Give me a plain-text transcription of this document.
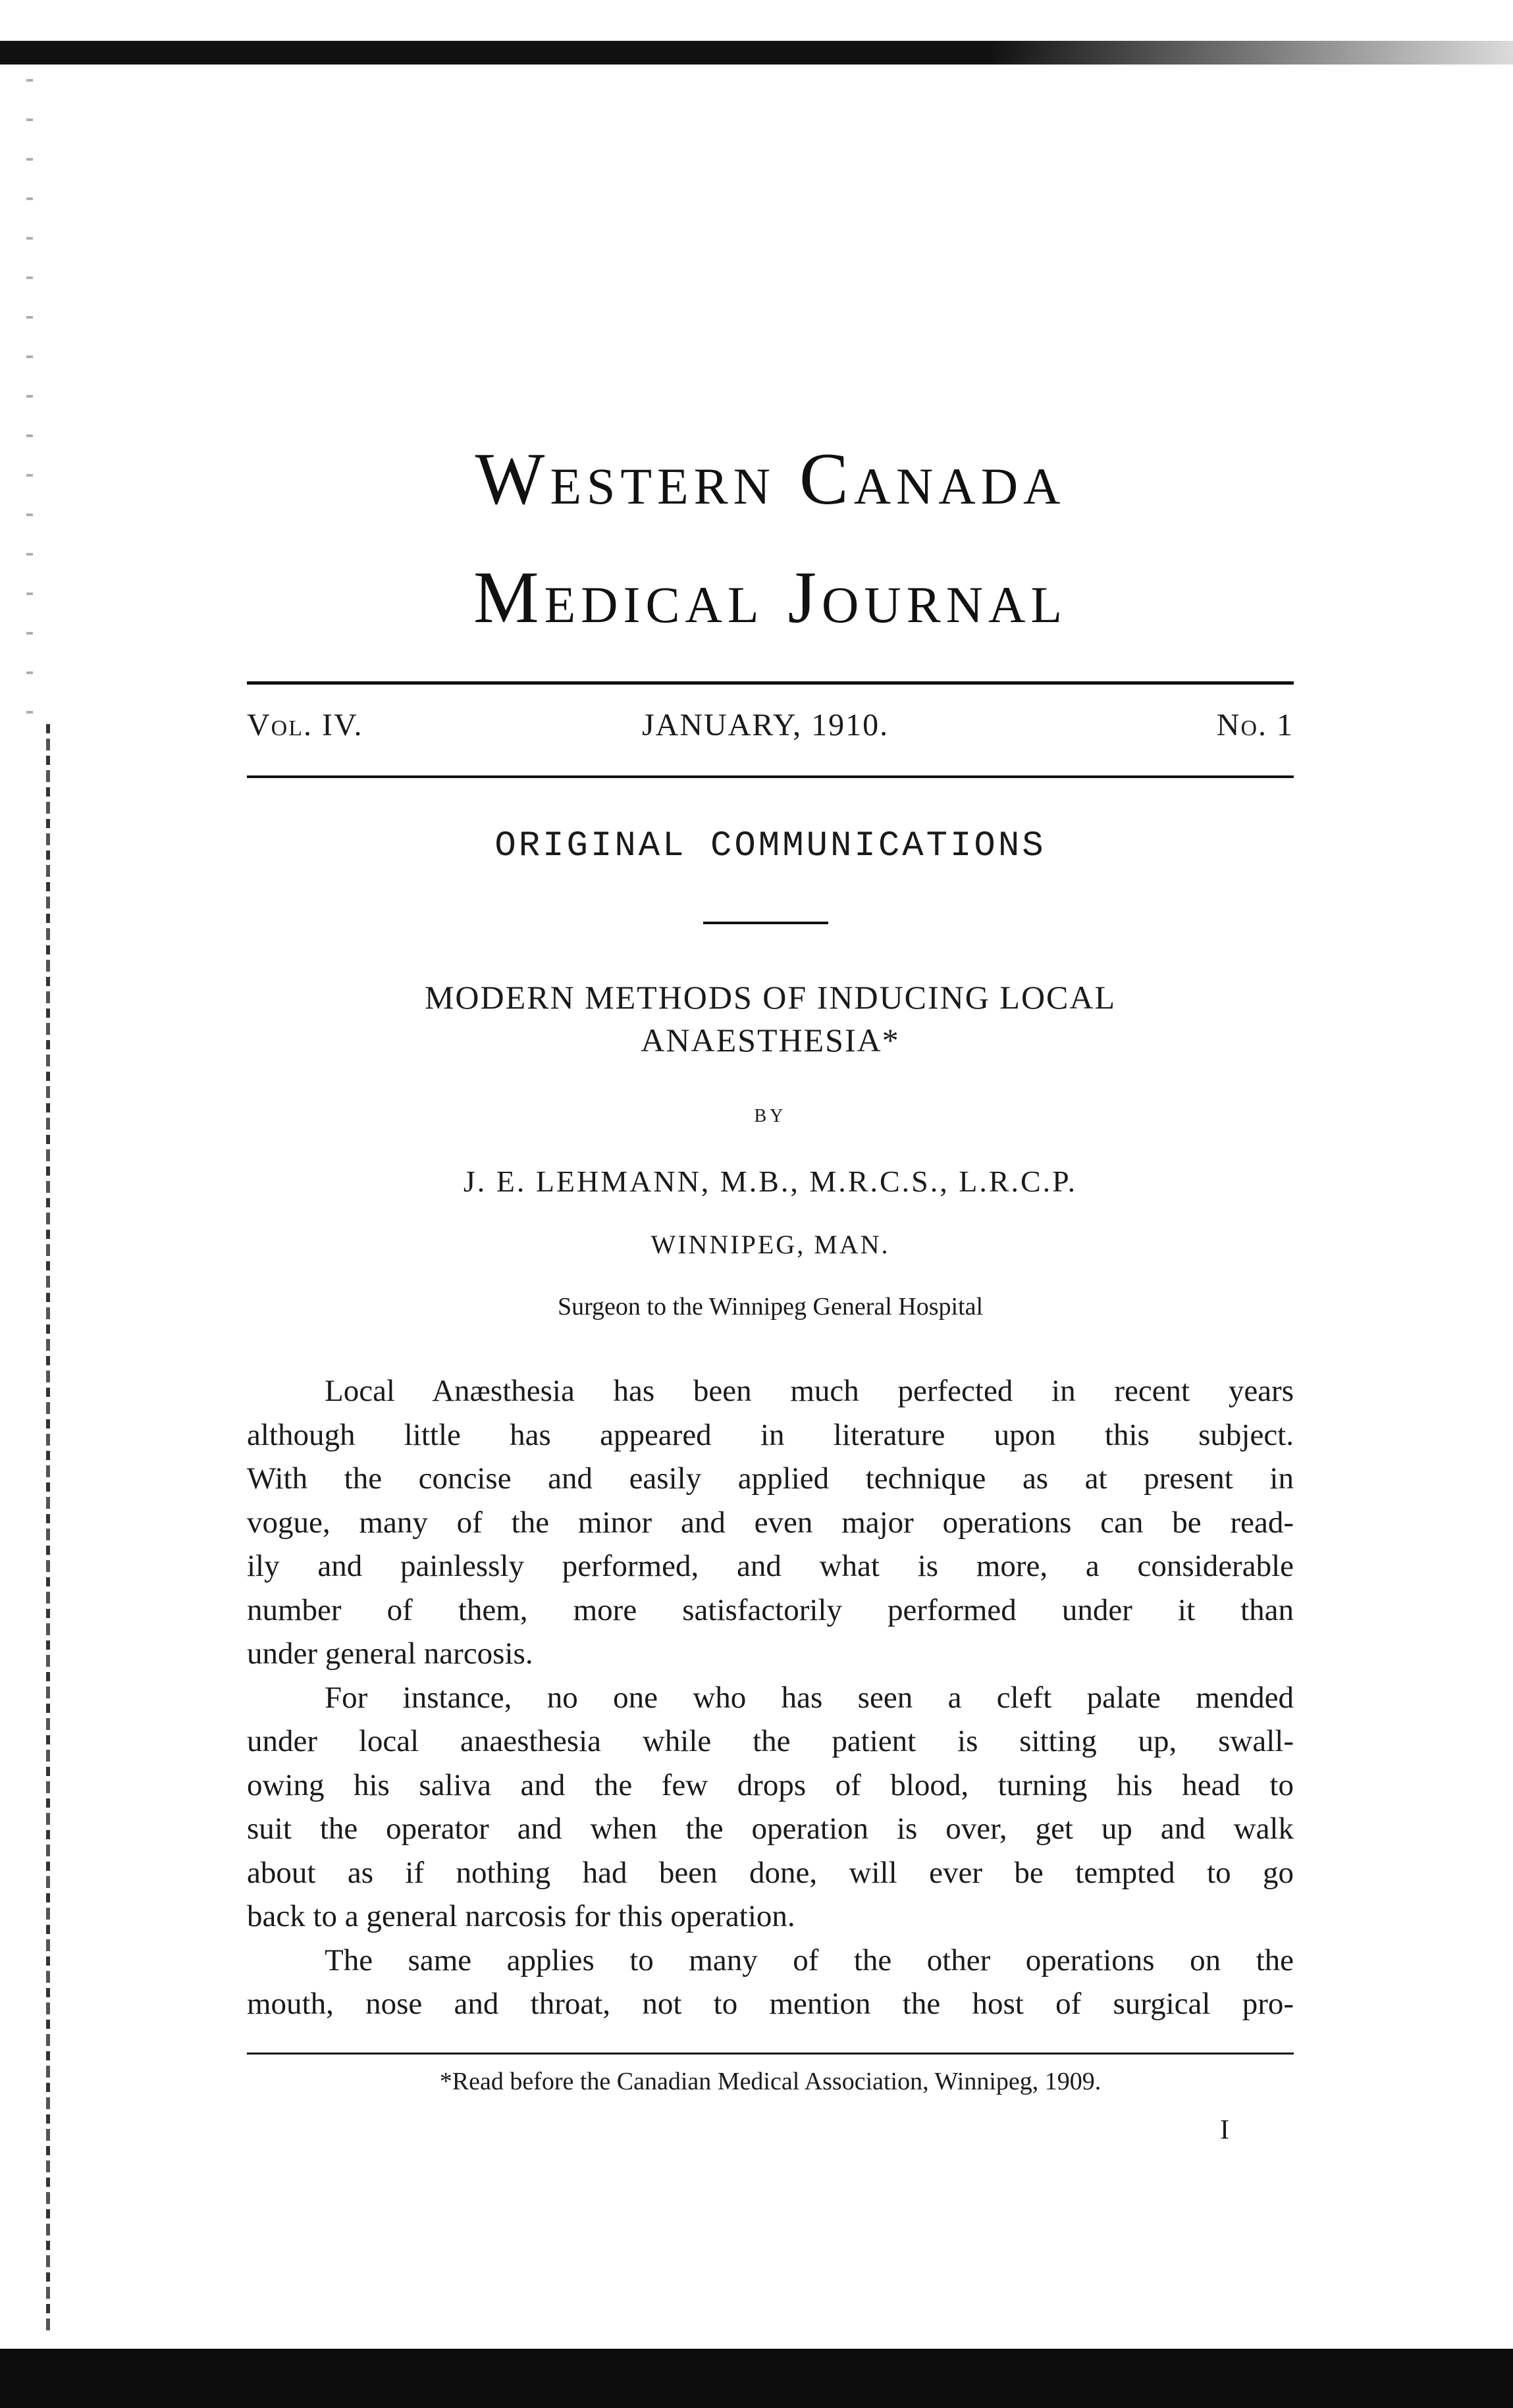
Western Canada
Medical Journal
Vol. IV.	JANUARY, 1910.	No. 1
ORIGINAL COMMUNICATIONS
MODERN METHODS OF INDUCING LOCAL
ANAESTHESIA*
BY
J. E. LEHMANN, M.B., M.R.C.S., L.R.C.P.
WINNIPEG, MAN.
Surgeon to the Winnipeg General Hospital
Local Anæsthesia has been much perfected in recent years
although little has appeared in literature upon this subject.
With the concise and easily applied technique as at present in
vogue, many of the minor and even major operations can be read-
ily and painlessly performed, and what is more, a considerable
number of them, more satisfactorily performed under it than
under general narcosis.
For instance, no one who has seen a cleft palate mended
under local anaesthesia while the patient is sitting up, swall-
owing his saliva and the few drops of blood, turning his head to
suit the operator and when the operation is over, get up and walk
about as if nothing had been done, will ever be tempted to go
back to a general narcosis for this operation.
The same applies to many of the other operations on the
mouth, nose and throat, not to mention the host of surgical pro-
*Read before the Canadian Medical Association, Winnipeg, 1909.
I
